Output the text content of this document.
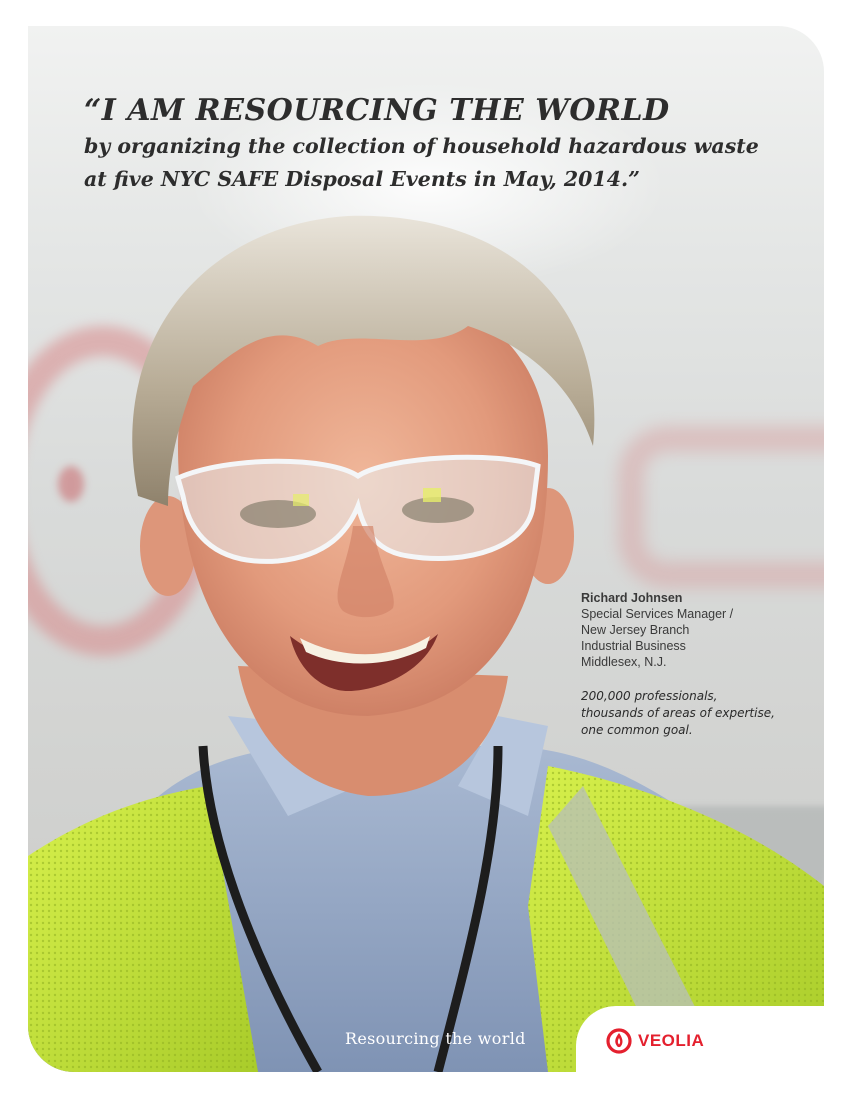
“I AM RESOURCING THE WORLD
by organizing the collection of household hazardous waste
at five NYC SAFE Disposal Events in May, 2014.”
Richard Johnsen
Special Services Manager /
New Jersey Branch
Industrial Business
Middlesex, N.J.
200,000 professionals,
thousands of areas of expertise,
one common goal.
Resourcing the world	VEOLIA
